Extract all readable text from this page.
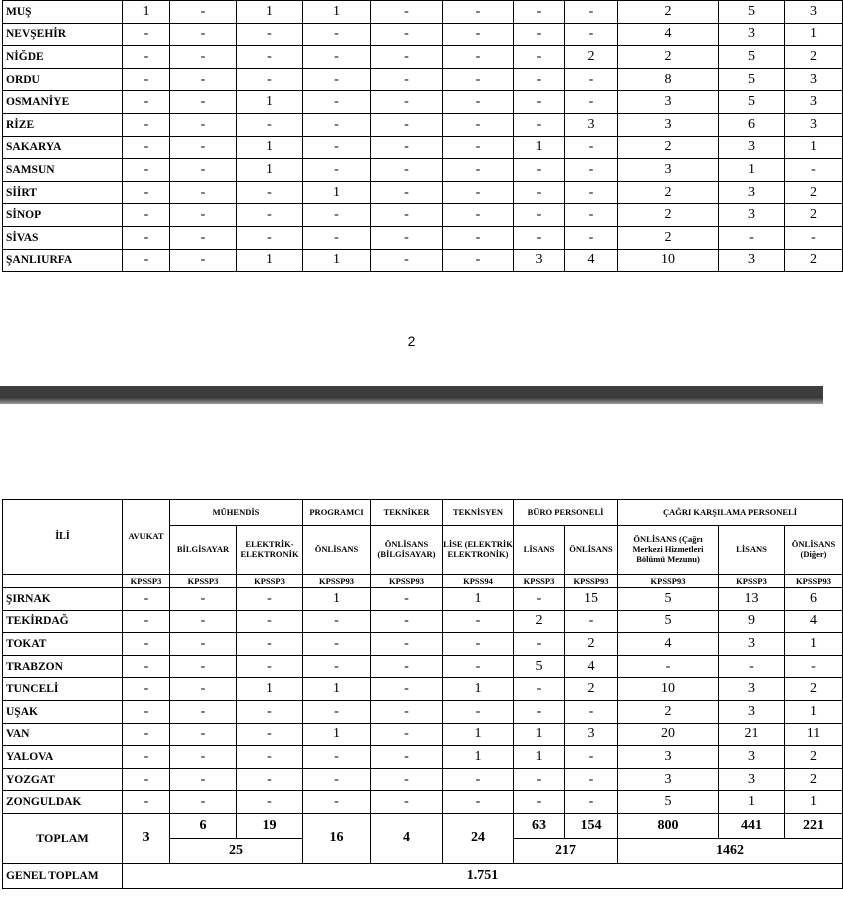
MUŞ	1	-	1	1	-	-	-	-	2	5	3
NEVŞEHİR	-	-	-	-	-	-	-	-	4	3	1
NİĞDE	-	-	-	-	-	-	-	2	2	5	2
ORDU	-	-	-	-	-	-	-	-	8	5	3
OSMANİYE	-	-	1	-	-	-	-	-	3	5	3
RİZE	-	-	-	-	-	-	-	3	3	6	3
SAKARYA	-	-	1	-	-	-	1	-	2	3	1
SAMSUN	-	-	1	-	-	-	-	-	3	1	-
SİİRT	-	-	-	1	-	-	-	-	2	3	2
SİNOP	-	-	-	-	-	-	-	-	2	3	2
SİVAS	-	-	-	-	-	-	-	-	2	-	-
ŞANLIURFA	-	-	1	1	-	-	3	4	10	3	2
2
İLİ	AVUKAT	MÜHENDİS		PROGRAMCI	TEKNİKER	TEKNİSYEN	BÜRO PERSONELİ		ÇAĞRI KARŞILAMA PERSONELİ		
		BİLGİSAYAR	ELEKTRİK-ELEKTRONİK	ÖNLİSANS	ÖNLİSANS (BİLGİSAYAR)	LİSE (ELEKTRİK ELEKTRONİK)	LİSANS	ÖNLİSANS	ÖNLİSANS (Çağrı Merkezi Hizmetleri Bölümü Mezunu)	LİSANS	ÖNLİSANS (Diğer)
	KPSSP3	KPSSP3	KPSSP3	KPSSP93	KPSSP93	KPSS94	KPSSP3	KPSSP93	KPSSP93	KPSSP3	KPSSP93
ŞIRNAK	-	-	-	1	-	1	-	15	5	13	6
TEKİRDAĞ	-	-	-	-	-	-	2	-	5	9	4
TOKAT	-	-	-	-	-	-	-	2	4	3	1
TRABZON	-	-	-	-	-	-	5	4	-	-	-
TUNCELİ	-	-	1	1	-	1	-	2	10	3	2
UŞAK	-	-	-	-	-	-	-	-	2	3	1
VAN	-	-	-	1	-	1	1	3	20	21	11
YALOVA	-	-	-	-	-	1	1	-	3	3	2
YOZGAT	-	-	-	-	-	-	-	-	3	3	2
ZONGULDAK	-	-	-	-	-	-	-	-	5	1	1
TOPLAM	3	6	19	16	4	24	63	154	800	441	221
		25					217		1462		
GENEL TOPLAM	1.751										
